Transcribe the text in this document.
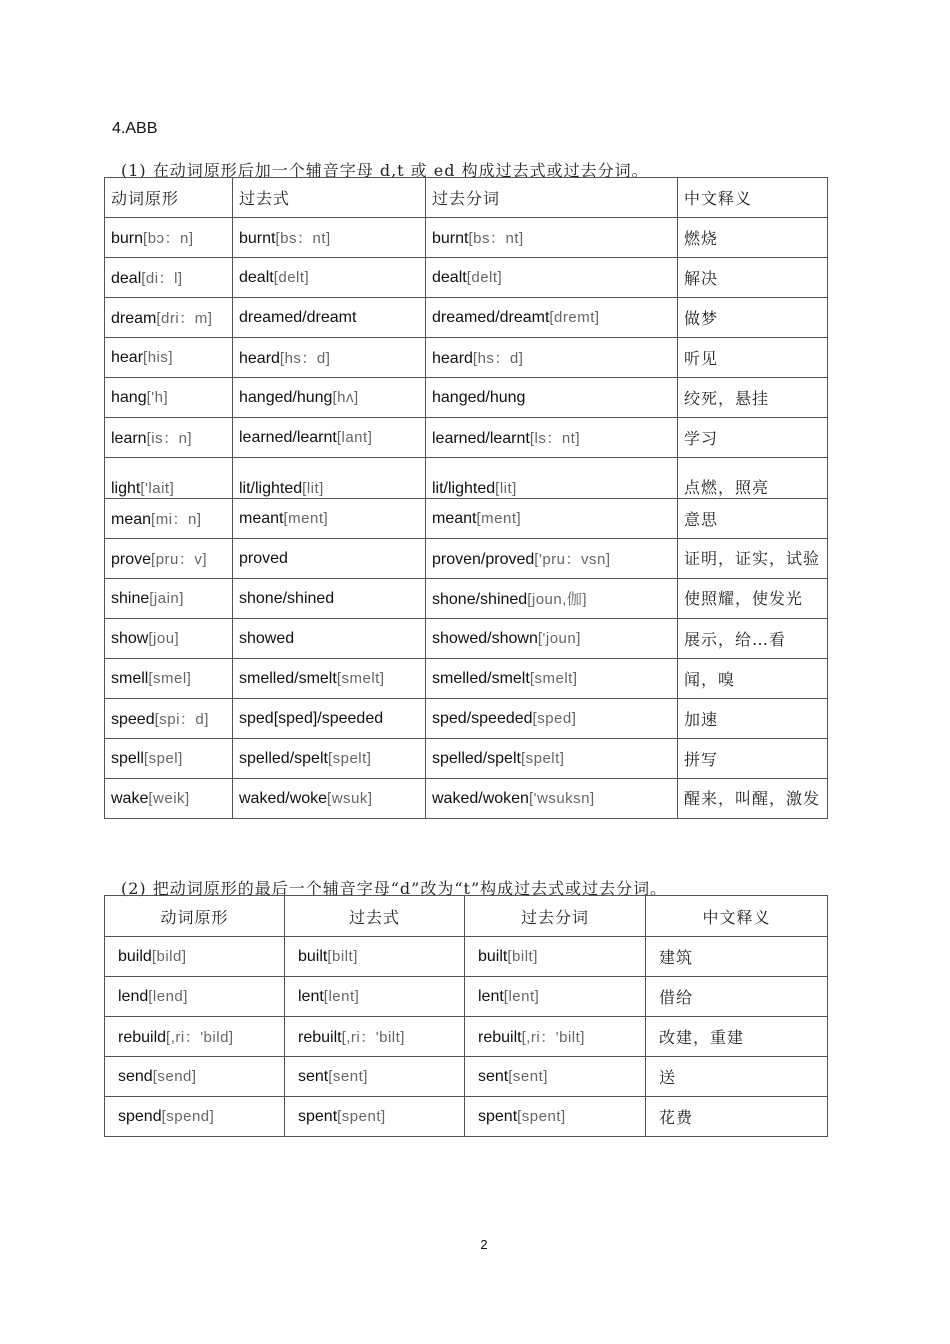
4.ABB
(1) 在动词原形后加一个辅音字母 d,t 或 ed 构成过去式或过去分词。
动词原形	过去式	过去分词	中文释义
burn[bɔ：n]	burnt[bs：nt]	burnt[bs：nt]	燃烧
deal[di：l]	dealt[delt]	dealt[delt]	解决
dream[dri：m]	dreamed/dreamt	dreamed/dreamt[dremt]	做梦
hear[his]	heard[hs：d]	heard[hs：d]	听见
hang['h]	hanged/hung[hʌ]	hanged/hung	绞死，悬挂
learn[is：n]	learned/learnt[lant]	learned/learnt[ls：nt]	学习
light['lait]	lit/lighted[lit]	lit/lighted[lit]	点燃，照亮
mean[mi：n]	meant[ment]	meant[ment]	意思
prove[pru：v]	proved	proven/proved['pru：vsn]	证明，证实，试验
shine[jain]	shone/shined	shone/shined[joun,伽]	使照耀，使发光
show[jou]	showed	showed/shown['joun]	展示，给…看
smell[smel]	smelled/smelt[smelt]	smelled/smelt[smelt]	闻，嗅
speed[spi：d]	sped[sped]/speeded	sped/speeded[sped]	加速
spell[spel]	spelled/spelt[spelt]	spelled/spelt[spelt]	拼写
wake[weik]	waked/woke[wsuk]	waked/woken['wsuksn]	醒来，叫醒，激发
(2) 把动词原形的最后一个辅音字母“d”改为“t”构成过去式或过去分词。
动词原形	过去式	过去分词	中文释义
build[bild]	built[bilt]	built[bilt]	建筑
lend[lend]	lent[lent]	lent[lent]	借给
rebuild[,ri：'bild]	rebuilt[,ri：'bilt]	rebuilt[,ri：'bilt]	改建，重建
send[send]	sent[sent]	sent[sent]	送
spend[spend]	spent[spent]	spent[spent]	花费
2
